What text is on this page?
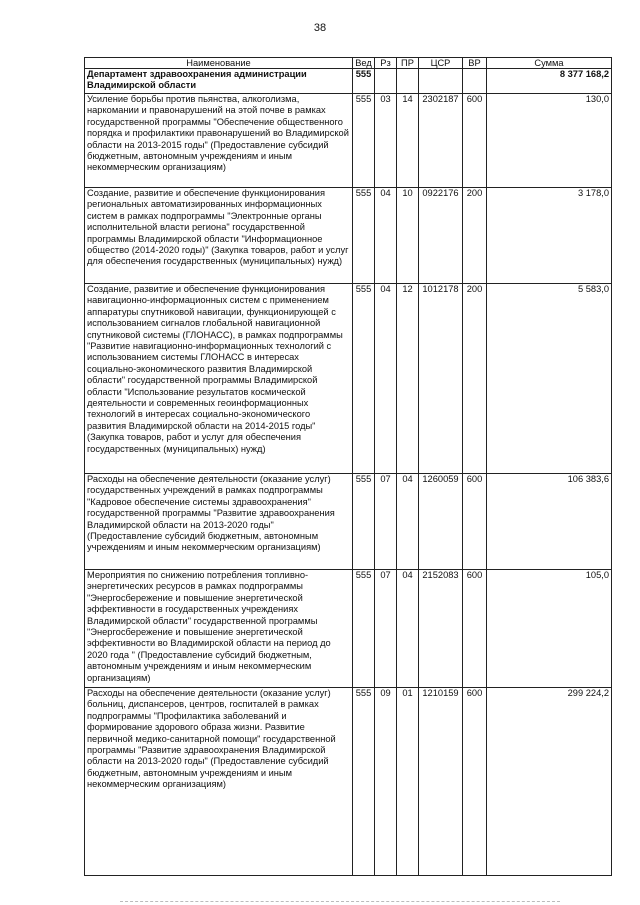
38
Наименование	Вед	Рз	ПР	ЦСР	ВР	Сумма
Департамент здравоохранения администрации Владимирской области	555					8 377 168,2
Усиление борьбы против пьянства, алкоголизма, наркомании и правонарушений на этой почве в рамках государственной программы "Обеспечение общественного порядка и профилактики правонарушений во Владимирской области на 2013-2015 годы" (Предоставление субсидий бюджетным, автономным учреждениям и иным некоммерческим организациям)	555	03	14	2302187	600	130,0
Создание, развитие и обеспечение функционирования региональных автоматизированных информационных систем в рамках подпрограммы "Электронные органы исполнительной власти региона" государственной программы Владимирской области "Информационное общество (2014-2020 годы)" (Закупка товаров, работ и услуг для обеспечения государственных (муниципальных) нужд)	555	04	10	0922176	200	3 178,0
Создание, развитие и обеспечение функционирования навигационно-информационных систем с применением аппаратуры спутниковой навигации, функционирующей с использованием сигналов глобальной навигационной спутниковой системы (ГЛОНАСС), в рамках подпрограммы "Развитие навигационно-информационных технологий с использованием системы ГЛОНАСС в интересах социально-экономического развития Владимирской области" государственной программы Владимирской области "Использование результатов космической деятельности и современных геоинформационных технологий в интересах социально-экономического развития Владимирской области на 2014-2015 годы" (Закупка товаров, работ и услуг для обеспечения государственных (муниципальных) нужд)	555	04	12	1012178	200	5 583,0
Расходы на обеспечение деятельности (оказание услуг) государственных учреждений в рамках подпрограммы "Кадровое обеспечение системы здравоохранения" государственной программы "Развитие здравоохранения Владимирской области на 2013-2020 годы" (Предоставление субсидий бюджетным, автономным учреждениям и иным некоммерческим организациям)	555	07	04	1260059	600	106 383,6
Мероприятия по снижению потребления топливно-энергетических ресурсов в рамках подпрограммы "Энергосбережение и повышение энергетической эффективности в государственных учреждениях Владимирской области" государственной программы "Энергосбережение и повышение энергетической эффективности во Владимирской области на период до 2020 года " (Предоставление субсидий бюджетным, автономным учреждениям и иным некоммерческим организациям)	555	07	04	2152083	600	105,0
Расходы на обеспечение деятельности (оказание услуг) больниц, диспансеров, центров, госпиталей в рамках подпрограммы "Профилактика заболеваний и формирование здорового образа жизни. Развитие первичной медико-санитарной помощи" государственной программы "Развитие здравоохранения Владимирской области на 2013-2020 годы" (Предоставление субсидий бюджетным, автономным учреждениям и иным некоммерческим организациям)	555	09	01	1210159	600	299 224,2
